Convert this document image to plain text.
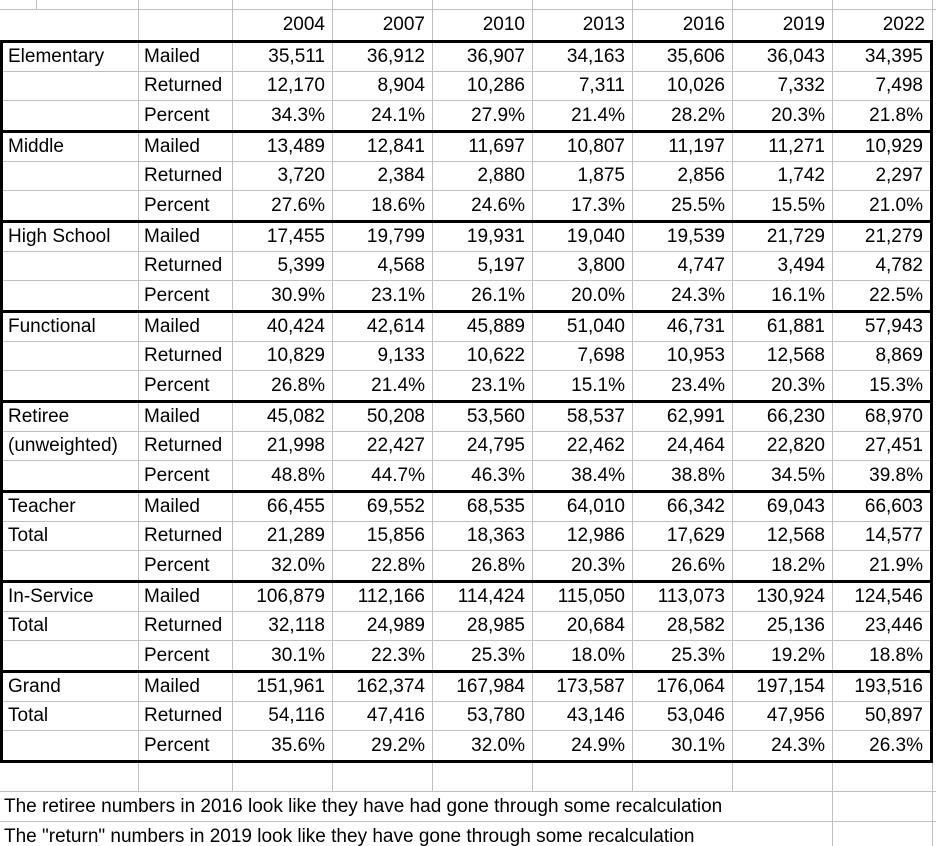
2004	2007	2010	2013	2016	2019	2022
Elementary	Mailed	35,511	36,912	36,907	34,163	35,606	36,043	34,395
Returned	12,170	8,904	10,286	7,311	10,026	7,332	7,498
Percent	34.3%	24.1%	27.9%	21.4%	28.2%	20.3%	21.8%
Middle	Mailed	13,489	12,841	11,697	10,807	11,197	11,271	10,929
Returned	3,720	2,384	2,880	1,875	2,856	1,742	2,297
Percent	27.6%	18.6%	24.6%	17.3%	25.5%	15.5%	21.0%
High School	Mailed	17,455	19,799	19,931	19,040	19,539	21,729	21,279
Returned	5,399	4,568	5,197	3,800	4,747	3,494	4,782
Percent	30.9%	23.1%	26.1%	20.0%	24.3%	16.1%	22.5%
Functional	Mailed	40,424	42,614	45,889	51,040	46,731	61,881	57,943
Returned	10,829	9,133	10,622	7,698	10,953	12,568	8,869
Percent	26.8%	21.4%	23.1%	15.1%	23.4%	20.3%	15.3%
Retiree	Mailed	45,082	50,208	53,560	58,537	62,991	66,230	68,970
(unweighted)	Returned	21,998	22,427	24,795	22,462	24,464	22,820	27,451
Percent	48.8%	44.7%	46.3%	38.4%	38.8%	34.5%	39.8%
Teacher	Mailed	66,455	69,552	68,535	64,010	66,342	69,043	66,603
Total	Returned	21,289	15,856	18,363	12,986	17,629	12,568	14,577
Percent	32.0%	22.8%	26.8%	20.3%	26.6%	18.2%	21.9%
In-Service	Mailed	106,879	112,166	114,424	115,050	113,073	130,924	124,546
Total	Returned	32,118	24,989	28,985	20,684	28,582	25,136	23,446
Percent	30.1%	22.3%	25.3%	18.0%	25.3%	19.2%	18.8%
Grand	Mailed	151,961	162,374	167,984	173,587	176,064	197,154	193,516
Total	Returned	54,116	47,416	53,780	43,146	53,046	47,956	50,897
Percent	35.6%	29.2%	32.0%	24.9%	30.1%	24.3%	26.3%
The retiree numbers in 2016 look like they have had gone through some recalculation
The "return" numbers in 2019 look like they have gone through some recalculation
